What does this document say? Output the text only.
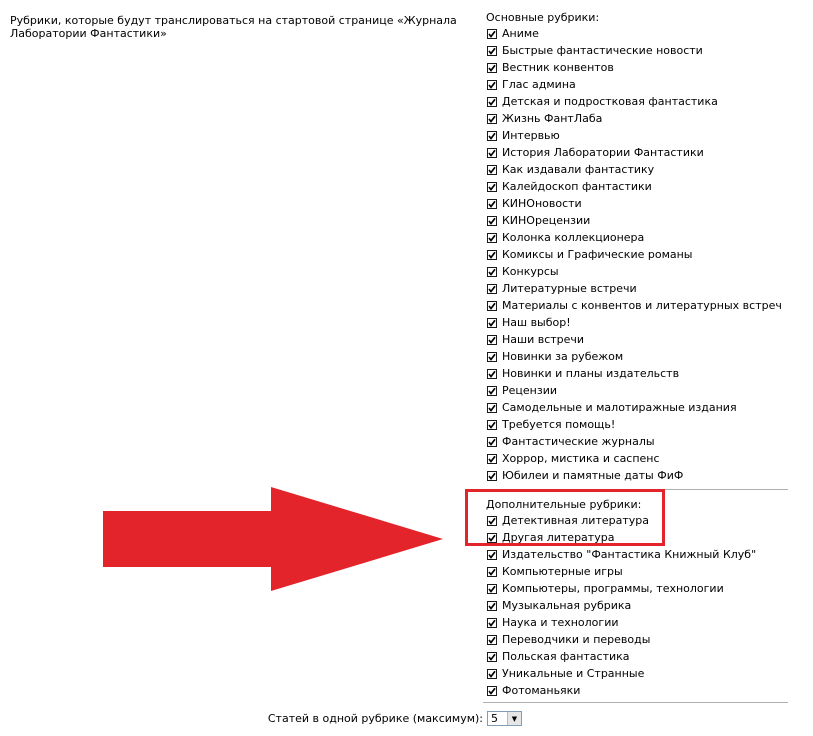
Рубрики, которые будут транслироваться на стартовой странице «Журнала Лаборатории Фантастики»
Основные рубрики:
Аниме
Быстрые фантастические новости
Вестник конвентов
Глас админа
Детская и подростковая фантастика
Жизнь ФантЛаба
Интервью
История Лаборатории Фантастики
Как издавали фантастику
Калейдоскоп фантастики
КИНОновости
КИНОрецензии
Колонка коллекционера
Комиксы и Графические романы
Конкурсы
Литературные встречи
Материалы с конвентов и литературных встреч
Наш выбор!
Наши встречи
Новинки за рубежом
Новинки и планы издательств
Рецензии
Самодельные и малотиражные издания
Требуется помощь!
Фантастические журналы
Хоррор, мистика и саспенс
Юбилеи и памятные даты ФиФ
Дополнительные рубрики:
Детективная литература
Другая литература
Издательство "Фантастика Книжный Клуб"
Компьютерные игры
Компьютеры, программы, технологии
Музыкальная рубрика
Наука и технологии
Переводчики и переводы
Польская фантастика
Уникальные и Странные
Фотоманьяки
Статей в одной рубрике (максимум): 5	▼
